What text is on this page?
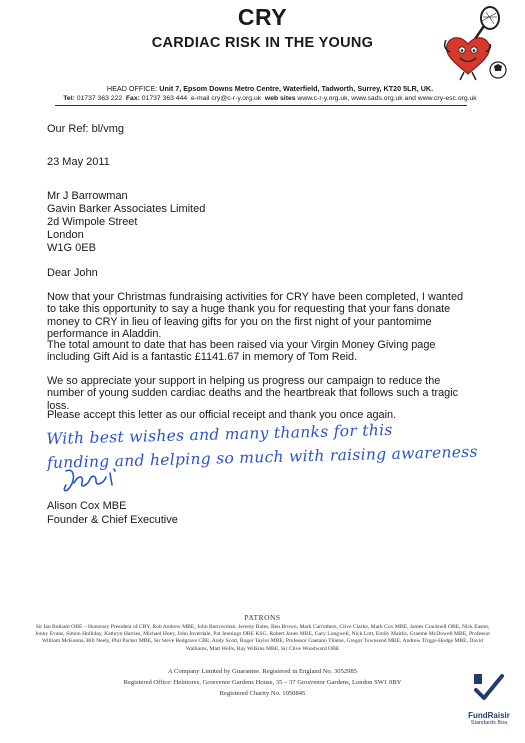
CRY
CARDIAC RISK IN THE YOUNG
HEAD OFFICE: Unit 7, Epsom Downs Metro Centre, Waterfield, Tadworth, Surrey, KT20 5LR, UK.
Tel: 01737 363 222 Fax: 01737 363 444 e-mail cry@c-r-y.org.uk web sites www.c-r-y.org.uk, www.sads.org.uk and www.cry-esc.org.uk
Our Ref: bl/vmg
23 May 2011
Mr J Barrowman
Gavin Barker Associates Limited
2d Wimpole Street
London
W1G 0EB
Dear John
Now that your Christmas fundraising activities for CRY have been completed, I wanted to take this opportunity to say a huge thank you for requesting that your fans donate money to CRY in lieu of leaving gifts for you on the first night of your pantomime performance in Aladdin.
The total amount to date that has been raised via your Virgin Money Giving page including Gift Aid is a fantastic £1141.67 in memory of Tom Reid.
We so appreciate your support in helping us progress our campaign to reduce the number of young sudden cardiac deaths and the heartbreak that follows such a tragic loss.
Please accept this letter as our official receipt and thank you once again.
With best wishes and many thanks for this
funding and helping so much with raising awareness
Alison Cox MBE
Founder & Chief Executive
PATRONS
Sir Ian Botham OBE – Honorary President of CRY, Rob Andrew MBE, John Barrowman, Jeremy Bates, Ben Brown, Mark Carruthers, Clive Clarke, Mark Cox MBE, James Cracknell OBE, Nick Easter, Jonny Evans, Simon Holliday, Kathryn Harries, Michael Hoey, John Inverdale, Pat Jennings OBE KSG, Robert Jones MBE, Gary Longwell, Nick Lott, Emily Maitlis, Graeme McDowell MBE, Professor William McKenna, Bill Neely, Phil Packer MBE, Sir Steve Redgrave CBE, Andy Scott, Roger Taylor MBE, Professor Gaetano Thiene, Gregor Townsend MBE, Andrew Triggs-Hodge MBE, David Walliams, Matt Wells, Ray Wilkins MBE, Sir Clive Woodward OBE
A Company Limited by Guarantee. Registered in England No. 3052985
Registered Office: Helmores, Grosvenor Gardens House, 35 – 37 Grosvenor Gardens, London SW1 0BY
Registered Charity No. 1050845
FundRaisir
Standards Boa
